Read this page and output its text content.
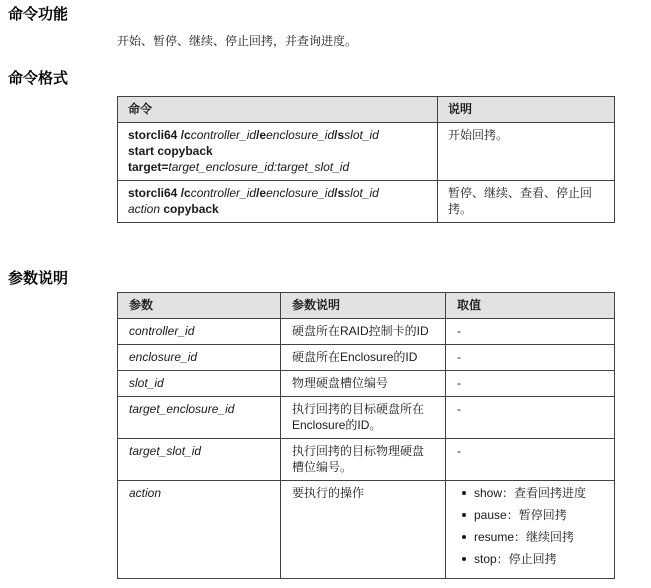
命令功能
开始、暂停、继续、停止回拷，并查询进度。
命令格式
命令	说明
storcli64 /ccontroller_id/eenclosure_id/sslot_id
start copyback
target=target_enclosure_id:target_slot_id	开始回拷。
storcli64 /ccontroller_id/eenclosure_id/sslot_id
action copyback	暂停、继续、查看、停止回拷。
参数说明
参数	参数说明	取值
controller_id	硬盘所在RAID控制卡的ID	-
enclosure_id	硬盘所在Enclosure的ID	-
slot_id	物理硬盘槽位编号	-
target_enclosure_id	执行回拷的目标硬盘所在Enclosure的ID。	-
target_slot_id	执行回拷的目标物理硬盘槽位编号。	-
action	要执行的操作	show：查看回拷进度
pause：暂停回拷
resume：继续回拷
stop：停止回拷
